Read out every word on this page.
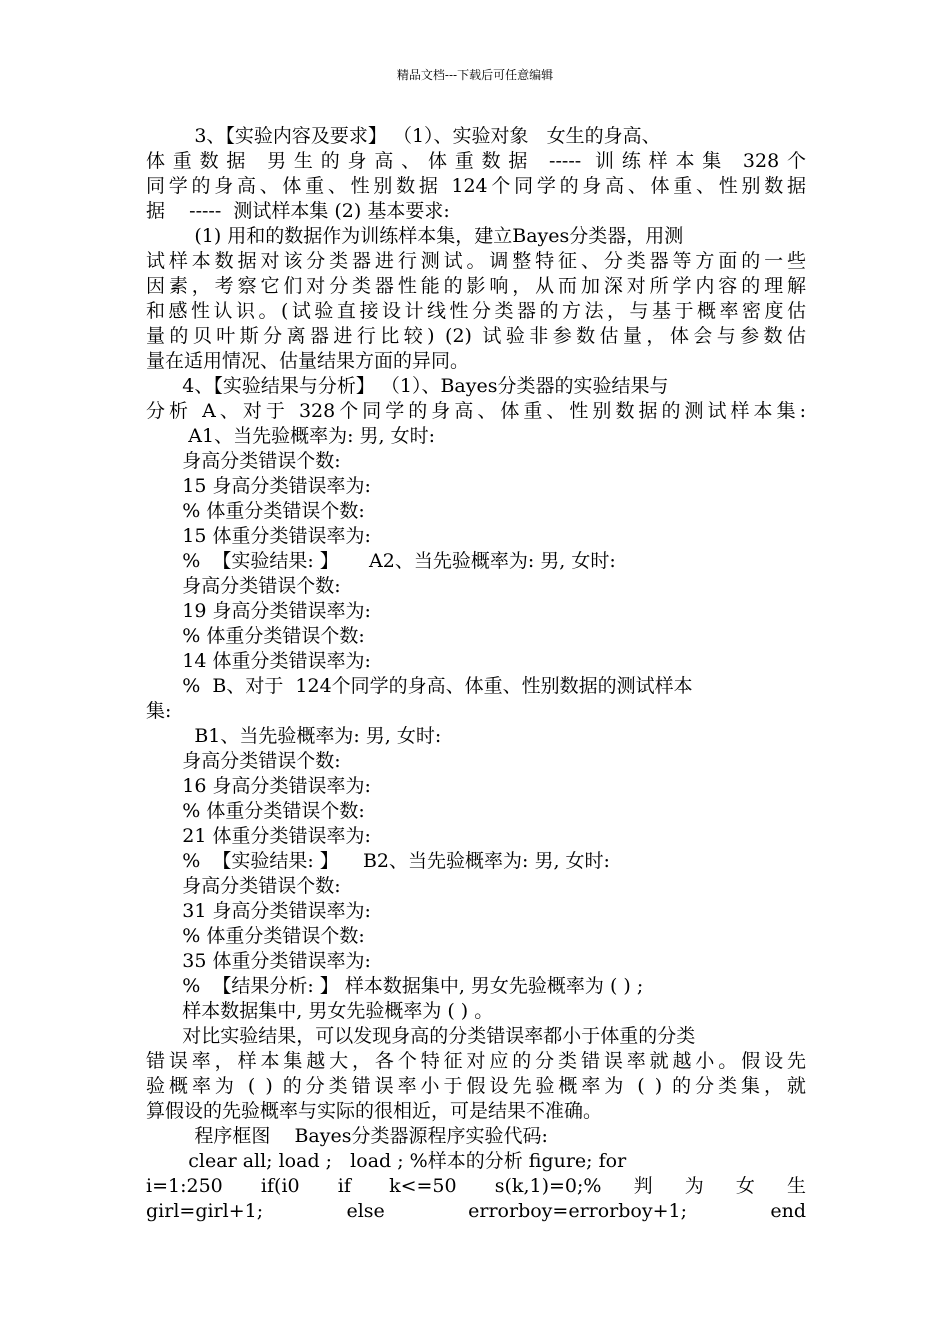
精品文档---下载后可任意编辑
3、【实验内容及要求】 （1）、实验对象   女生的身高、
体重数据 男生的身高、体重数据 ----- 训练样本集 328个
同学的身高、体重、性别数据 124个同学的身高、体重、性别数据
据    -----  测试样本集 (2) 基本要求:
(1) 用和的数据作为训练样本集，建立Bayes分类器，用测
试样本数据对该分类器进行测试。调整特征、分类器等方面的一些
因素，考察它们对分类器性能的影响，从而加深对所学内容的理解
和感性认识。(试验直接设计线性分类器的方法，与基于概率密度估
量的贝叶斯分离器进行比较) (2) 试验非参数估量，体会与参数估
量在适用情况、估量结果方面的异同。
4、【实验结果与分析】 （1）、Bayes分类器的实验结果与
分析 A、对于 328个同学的身高、体重、性别数据的测试样本集:
A1、当先验概率为: 男, 女时:
身高分类错误个数:
15 身高分类错误率为:
% 体重分类错误个数:
15 体重分类错误率为:
%  【实验结果: 】     A2、当先验概率为: 男, 女时:
身高分类错误个数:
19 身高分类错误率为:
% 体重分类错误个数:
14 体重分类错误率为:
%  B、对于  124个同学的身高、体重、性别数据的测试样本
集:
B1、当先验概率为: 男, 女时:
身高分类错误个数:
16 身高分类错误率为:
% 体重分类错误个数:
21 体重分类错误率为:
%  【实验结果: 】    B2、当先验概率为: 男, 女时:
身高分类错误个数:
31 身高分类错误率为:
% 体重分类错误个数:
35 体重分类错误率为:
%  【结果分析: 】 样本数据集中, 男女先验概率为 ( ) ;
样本数据集中, 男女先验概率为 ( ) 。
对比实验结果，可以发现身高的分类错误率都小于体重的分类
错误率，样本集越大，各个特征对应的分类错误率就越小。假设先
验概率为 ( ) 的分类错误率小于假设先验概率为 ( ) 的分类集，就
算假设的先验概率与实际的很相近，可是结果不准确。
程序框图    Bayes分类器源程序实验代码:
clear all; load ;   load ; %样本的分析 figure; for
i=1:250 if(i0 if k<=50 s(k,1)=0;%判为女生
girl=girl+1; else errorboy=errorboy+1; end
